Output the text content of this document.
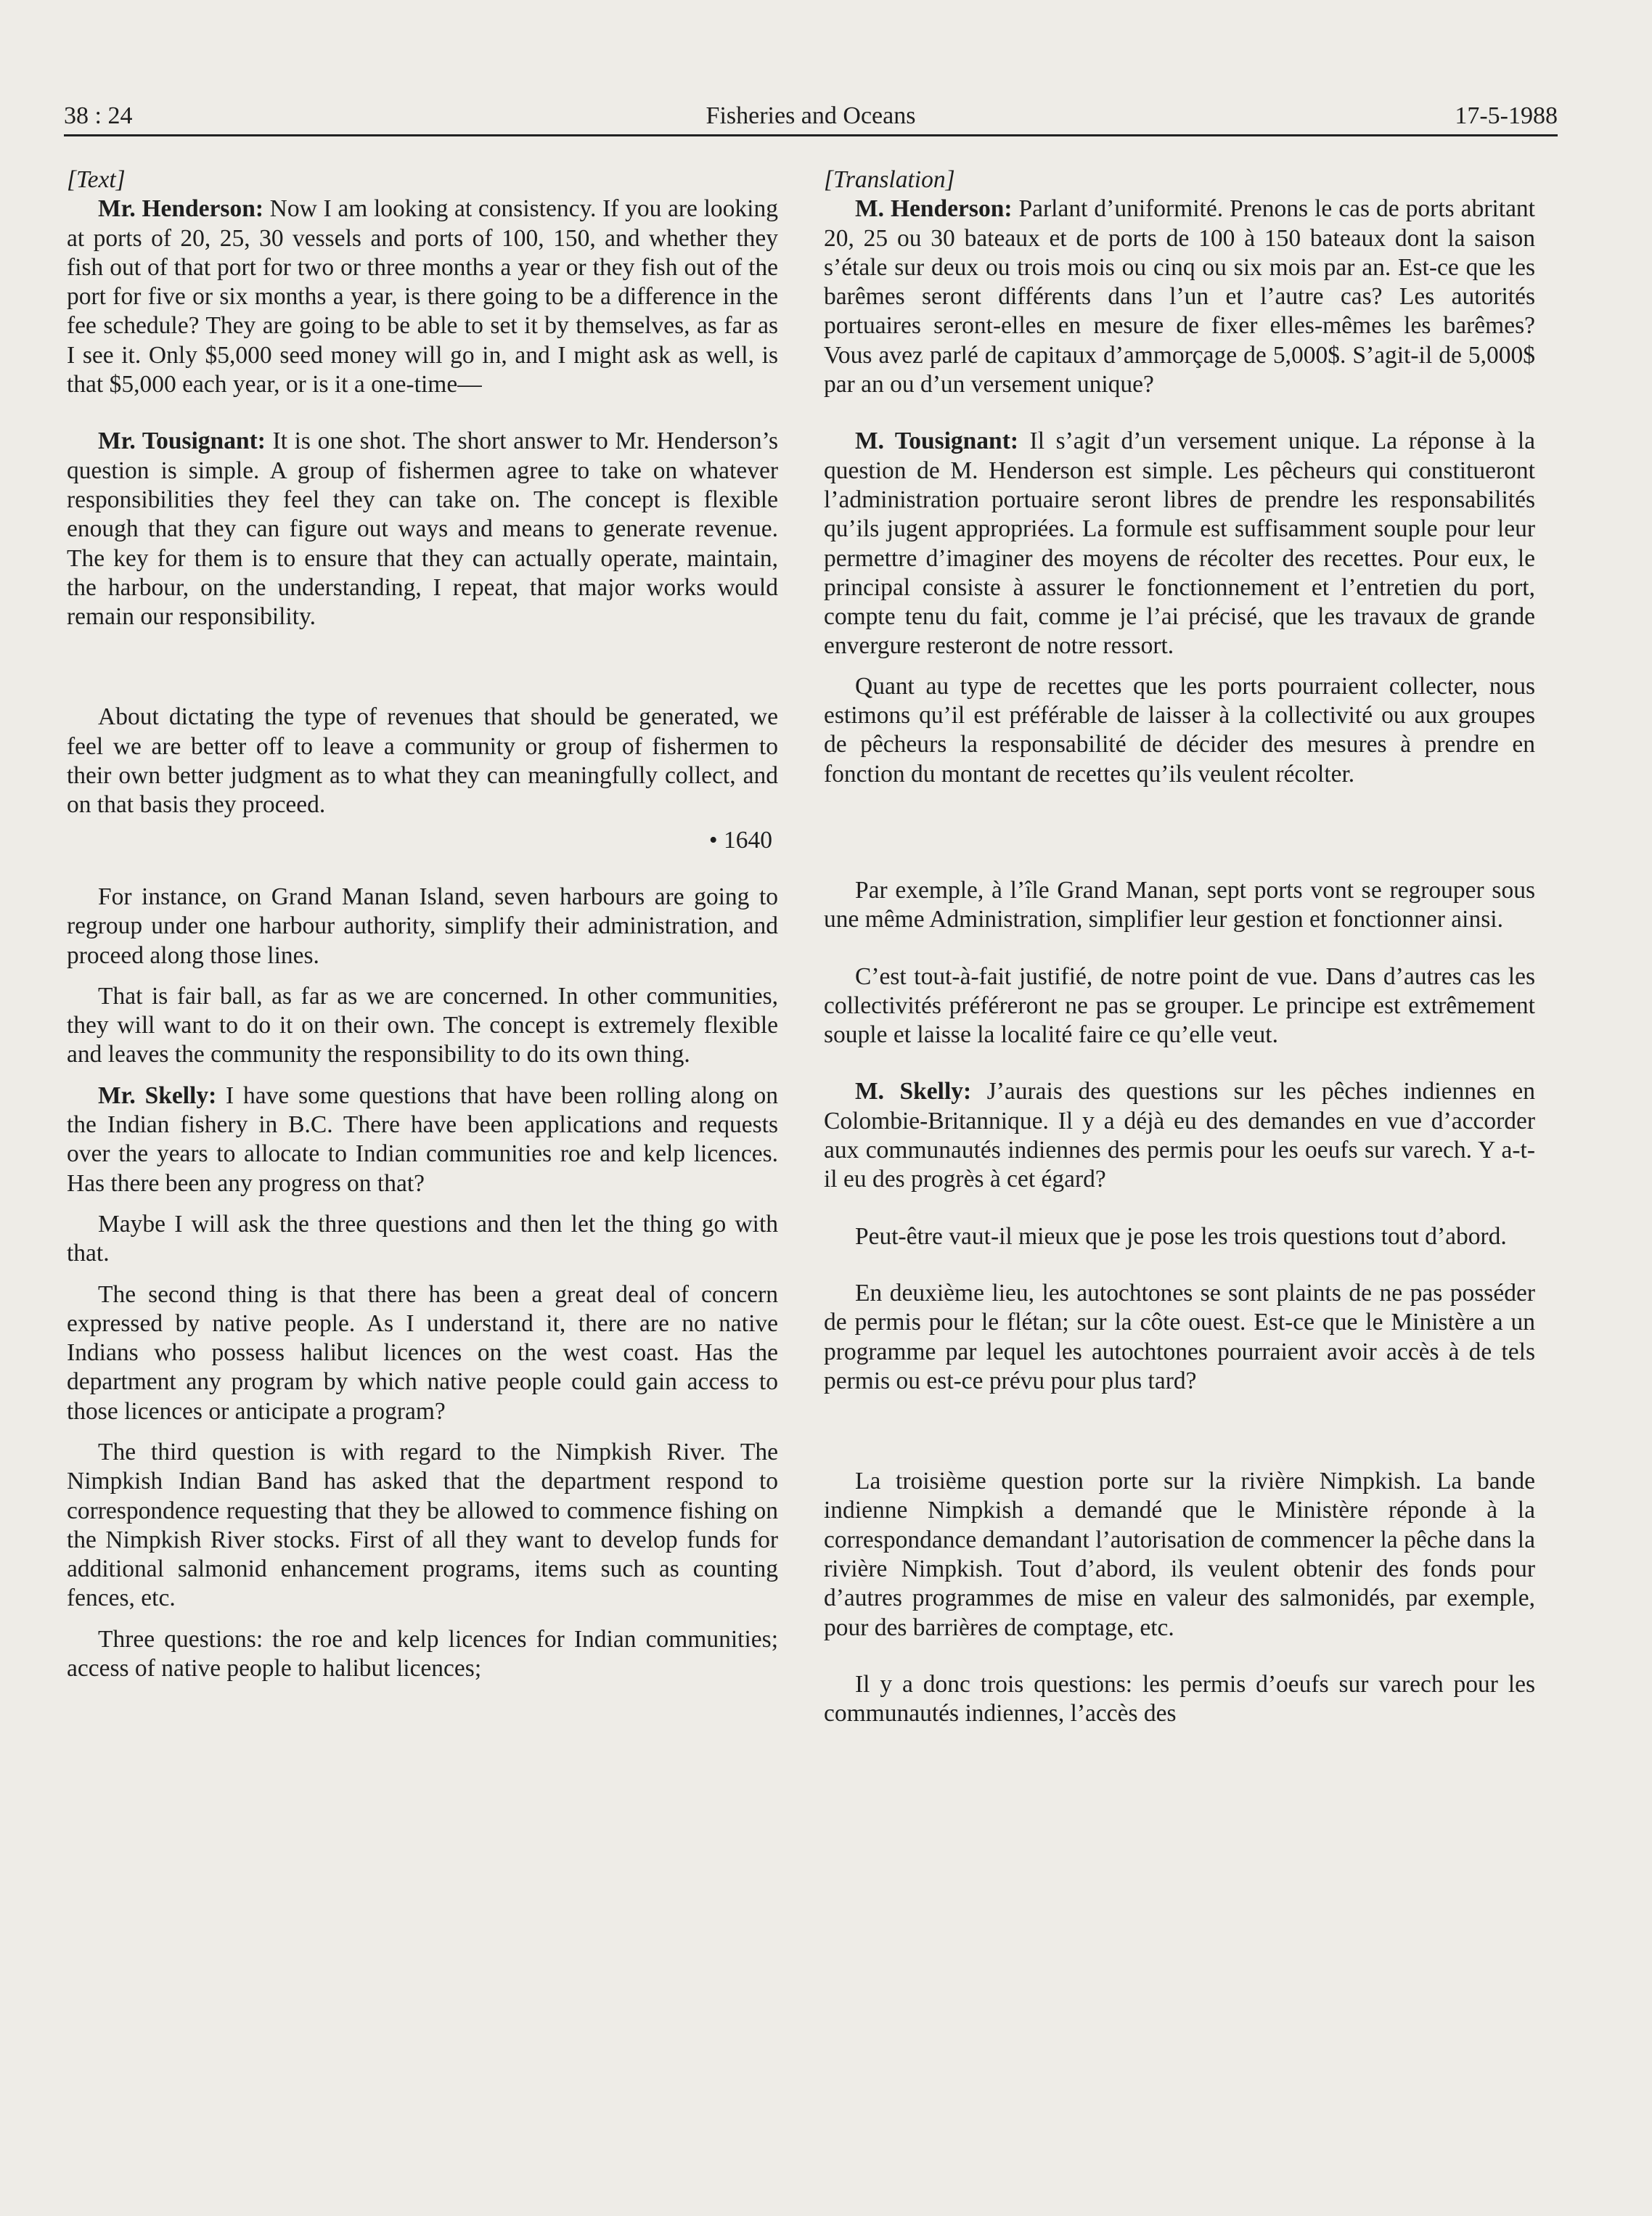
38 : 24	Fisheries and Oceans	17-5-1988

[Text]

Mr. Henderson: Now I am looking at consistency. If you are looking at ports of 20, 25, 30 vessels and ports of 100, 150, and whether they fish out of that port for two or three months a year or they fish out of the port for five or six months a year, is there going to be a difference in the fee schedule? They are going to be able to set it by themselves, as far as I see it. Only $5,000 seed money will go in, and I might ask as well, is that $5,000 each year, or is it a one-time—

Mr. Tousignant: It is one shot. The short answer to Mr. Henderson’s question is simple. A group of fishermen agree to take on whatever responsibilities they feel they can take on. The concept is flexible enough that they can figure out ways and means to generate revenue. The key for them is to ensure that they can actually operate, maintain, the harbour, on the understanding, I repeat, that major works would remain our responsibility.

About dictating the type of revenues that should be generated, we feel we are better off to leave a community or group of fishermen to their own better judgment as to what they can meaningfully collect, and on that basis they proceed.

• 1640

For instance, on Grand Manan Island, seven harbours are going to regroup under one harbour authority, simplify their administration, and proceed along those lines.

That is fair ball, as far as we are concerned. In other communities, they will want to do it on their own. The concept is extremely flexible and leaves the community the responsibility to do its own thing.

Mr. Skelly: I have some questions that have been rolling along on the Indian fishery in B.C. There have been applications and requests over the years to allocate to Indian communities roe and kelp licences. Has there been any progress on that?

Maybe I will ask the three questions and then let the thing go with that.

The second thing is that there has been a great deal of concern expressed by native people. As I understand it, there are no native Indians who possess halibut licences on the west coast. Has the department any program by which native people could gain access to those licences or anticipate a program?

The third question is with regard to the Nimpkish River. The Nimpkish Indian Band has asked that the department respond to correspondence requesting that they be allowed to commence fishing on the Nimpkish River stocks. First of all they want to develop funds for additional salmonid enhancement programs, items such as counting fences, etc.

Three questions: the roe and kelp licences for Indian communities; access of native people to halibut licences;

[Translation]

M. Henderson: Parlant d’uniformité. Prenons le cas de ports abritant 20, 25 ou 30 bateaux et de ports de 100 à 150 bateaux dont la saison s’étale sur deux ou trois mois ou cinq ou six mois par an. Est-ce que les barêmes seront différents dans l’un et l’autre cas? Les autorités portuaires seront-elles en mesure de fixer elles-mêmes les barêmes? Vous avez parlé de capitaux d’ammorçage de 5,000$. S’agit-il de 5,000$ par an ou d’un versement unique?

M. Tousignant: Il s’agit d’un versement unique. La réponse à la question de M. Henderson est simple. Les pêcheurs qui constitueront l’administration portuaire seront libres de prendre les responsabilités qu’ils jugent appropriées. La formule est suffisamment souple pour leur permettre d’imaginer des moyens de récolter des recettes. Pour eux, le principal consiste à assurer le fonctionnement et l’entretien du port, compte tenu du fait, comme je l’ai précisé, que les travaux de grande envergure resteront de notre ressort.

Quant au type de recettes que les ports pourraient collecter, nous estimons qu’il est préférable de laisser à la collectivité ou aux groupes de pêcheurs la responsabilité de décider des mesures à prendre en fonction du montant de recettes qu’ils veulent récolter.

Par exemple, à l’île Grand Manan, sept ports vont se regrouper sous une même Administration, simplifier leur gestion et fonctionner ainsi.

C’est tout-à-fait justifié, de notre point de vue. Dans d’autres cas les collectivités préféreront ne pas se grouper. Le principe est extrêmement souple et laisse la localité faire ce qu’elle veut.

M. Skelly: J’aurais des questions sur les pêches indiennes en Colombie-Britannique. Il y a déjà eu des demandes en vue d’accorder aux communautés indiennes des permis pour les oeufs sur varech. Y a-t-il eu des progrès à cet égard?

Peut-être vaut-il mieux que je pose les trois questions tout d’abord.

En deuxième lieu, les autochtones se sont plaints de ne pas posséder de permis pour le flétan; sur la côte ouest. Est-ce que le Ministère a un programme par lequel les autochtones pourraient avoir accès à de tels permis ou est-ce prévu pour plus tard?

La troisième question porte sur la rivière Nimpkish. La bande indienne Nimpkish a demandé que le Ministère réponde à la correspondance demandant l’autorisation de commencer la pêche dans la rivière Nimpkish. Tout d’abord, ils veulent obtenir des fonds pour d’autres programmes de mise en valeur des salmonidés, par exemple, pour des barrières de comptage, etc.

Il y a donc trois questions: les permis d’oeufs sur varech pour les communautés indiennes, l’accès des
